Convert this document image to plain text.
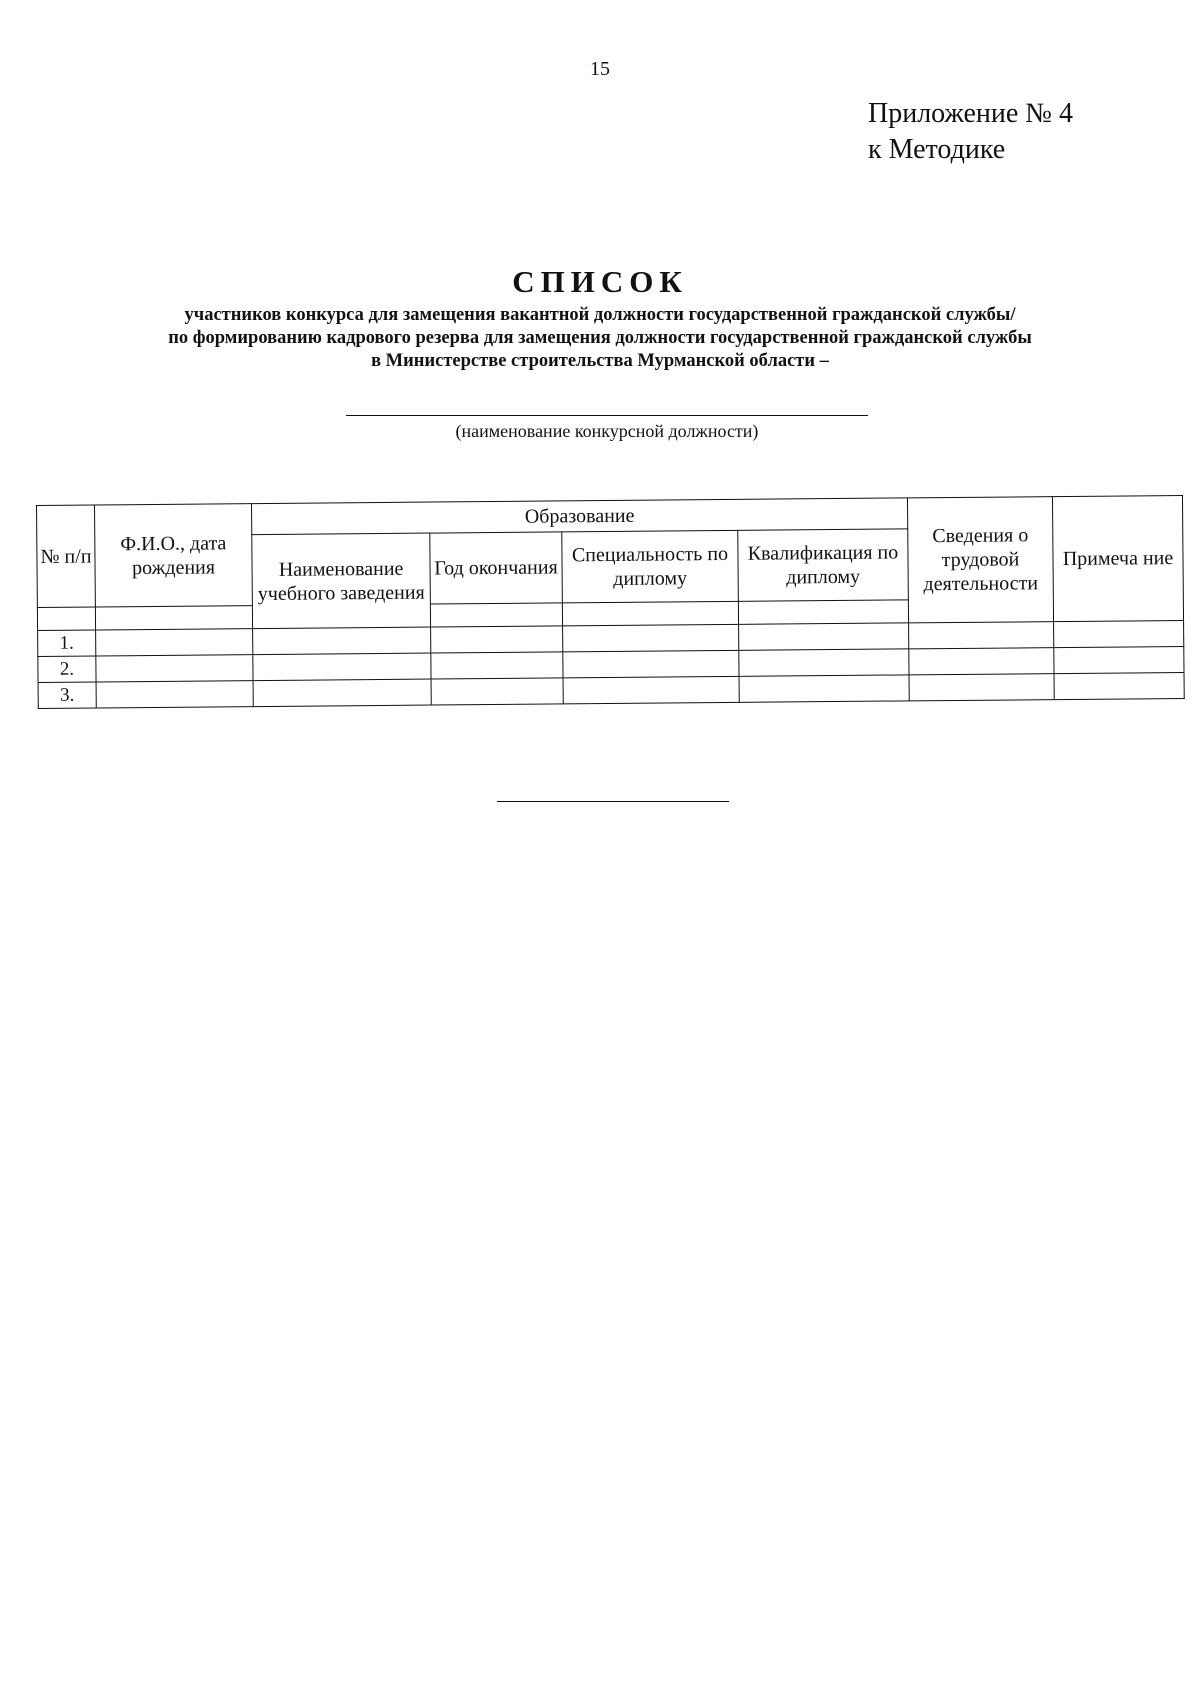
15
Приложение № 4
к Методике
СПИСОК
участников конкурса для замещения вакантной должности государственной гражданской службы/
по формированию кадрового резерва для замещения должности государственной гражданской службы
в Министерстве строительства Мурманской области –
(наименование конкурсной должности)
№ п/п	Ф.И.О., дата рождения	Образование				Сведения о трудовой деятельности	Примеча ние
		Наименование учебного заведения	Год окончания	Специальность по диплому	Квалификация по диплому		

1.							
2.							
3.							
